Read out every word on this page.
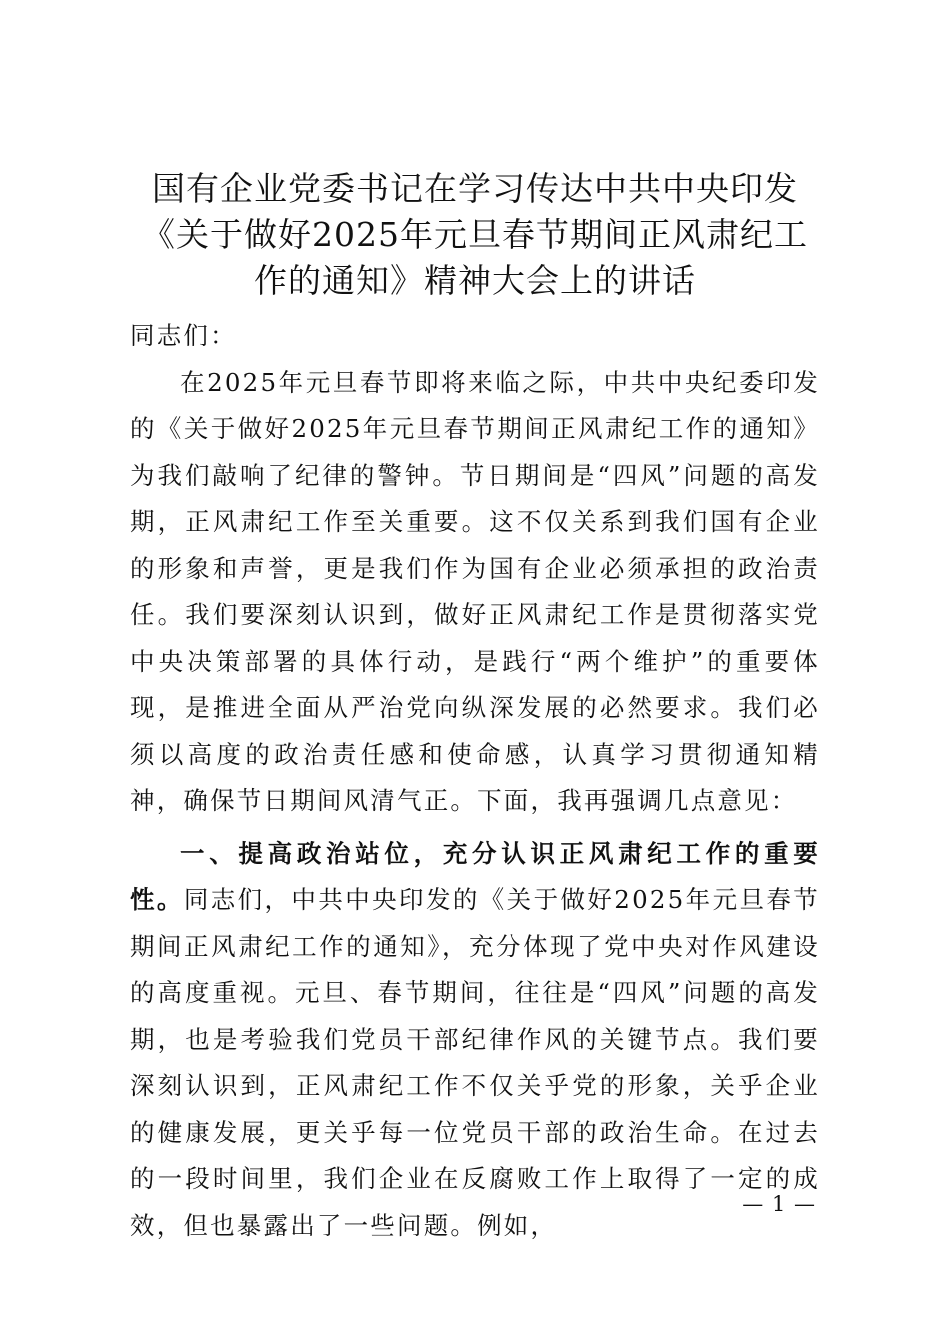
国有企业党委书记在学习传达中共中央印发
《关于做好2025年元旦春节期间正风肃纪工
作的通知》精神大会上的讲话

同志们：

在2025年元旦春节即将来临之际，中共中央纪委印发的《关于做好2025年元旦春节期间正风肃纪工作的通知》为我们敲响了纪律的警钟。节日期间是“四风”问题的高发期，正风肃纪工作至关重要。这不仅关系到我们国有企业的形象和声誉，更是我们作为国有企业必须承担的政治责任。我们要深刻认识到，做好正风肃纪工作是贯彻落实党中央决策部署的具体行动，是践行“两个维护”的重要体现，是推进全面从严治党向纵深发展的必然要求。我们必须以高度的政治责任感和使命感，认真学习贯彻通知精神，确保节日期间风清气正。下面，我再强调几点意见：

一、提高政治站位，充分认识正风肃纪工作的重要性。同志们，中共中央印发的《关于做好2025年元旦春节期间正风肃纪工作的通知》，充分体现了党中央对作风建设的高度重视。元旦、春节期间，往往是“四风”问题的高发期，也是考验我们党员干部纪律作风的关键节点。我们要深刻认识到，正风肃纪工作不仅关乎党的形象，关乎企业的健康发展，更关乎每一位党员干部的政治生命。在过去的一段时间里，我们企业在反腐败工作上取得了一定的成效，但也暴露出了一些问题。例如，

— 1 —
